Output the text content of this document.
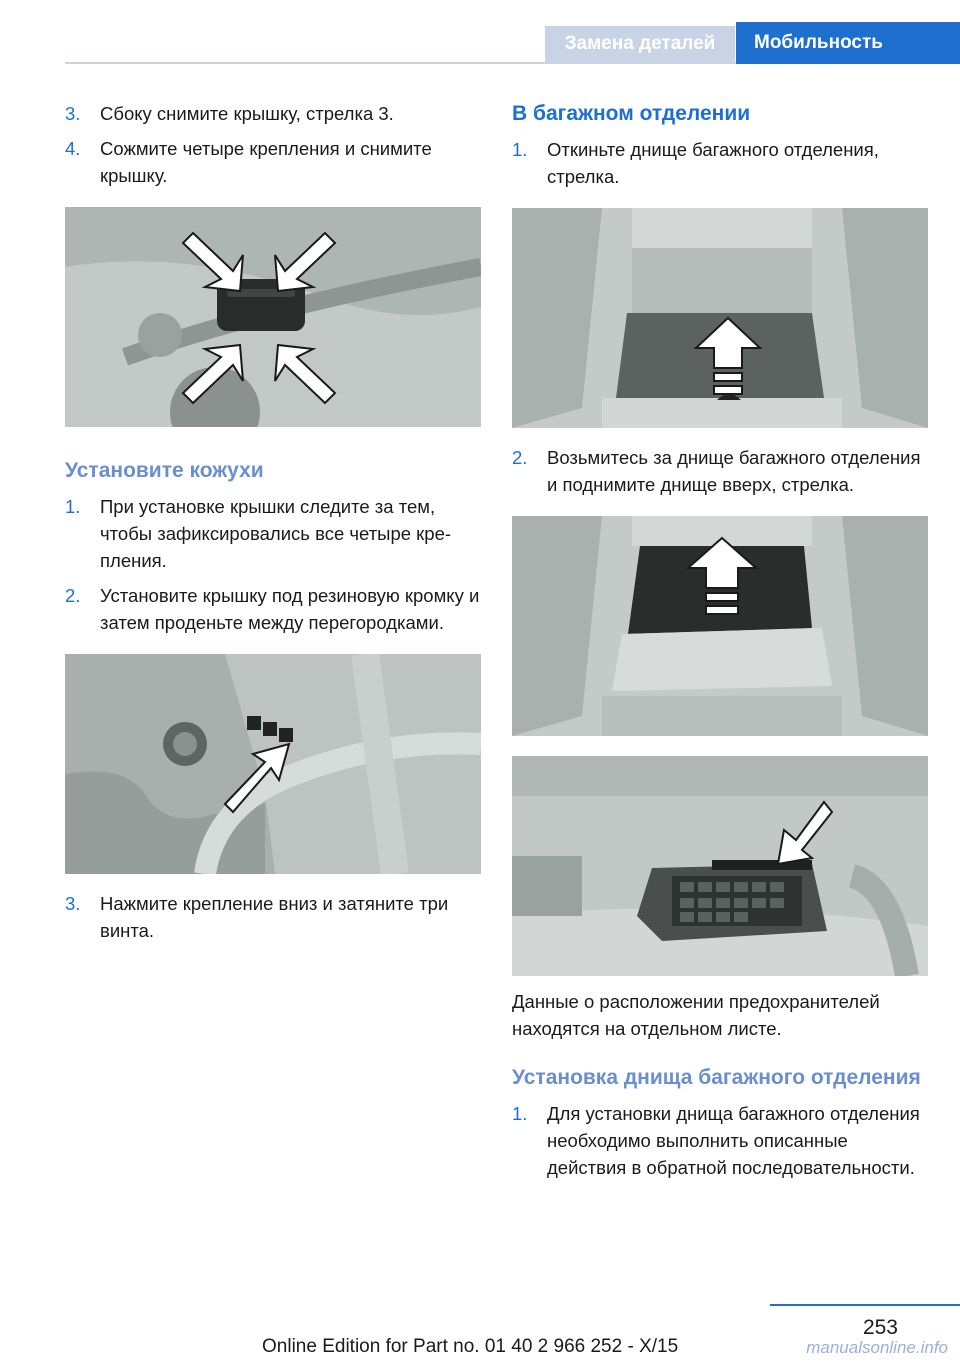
Замена деталей	Мобильность
3. Сбоку снимите крышку, стрелка 3.
4. Сожмите четыре крепления и снимите крышку.
Установите кожухи
1. При установке крышки следите за тем, чтобы зафиксировались все четыре крепления.
2. Установите крышку под резиновую кромку и затем проденьте между перегородками.
3. Нажмите крепление вниз и затяните три винта.
В багажном отделении
1. Откиньте днище багажного отделения, стрелка.
2. Возьмитесь за днище багажного отделения и поднимите днище вверх, стрелка.

Данные о расположении предохранителей находятся на отдельном листе.

Установка днища багажного отделения
1. Для установки днища багажного отделения необходимо выполнить описанные действия в обратной последовательности.
253
Online Edition for Part no. 01 40 2 966 252 - X/15	manualsonline.info
